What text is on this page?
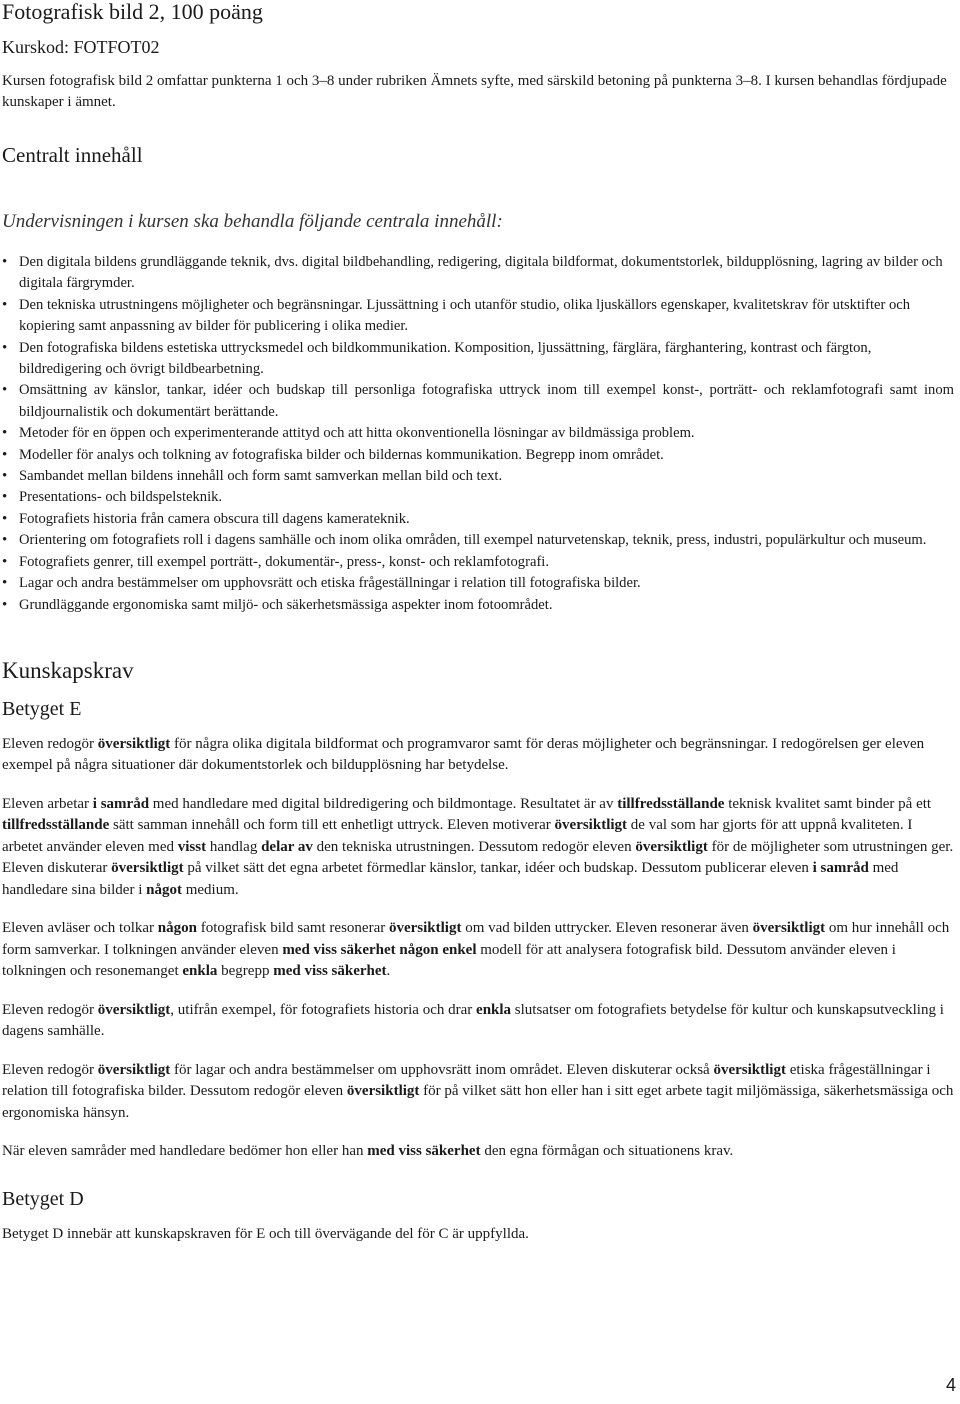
Fotografisk bild 2, 100 poäng
Kurskod: FOTFOT02

Kursen fotografisk bild 2 omfattar punkterna 1 och 3–8 under rubriken Ämnets syfte, med särskild betoning på punkterna 3–8. I kursen behandlas fördjupade kunskaper i ämnet.

Centralt innehåll
Undervisningen i kursen ska behandla följande centrala innehåll:
• Den digitala bildens grundläggande teknik, dvs. digital bildbehandling, redigering, digitala bildformat, dokumentstorlek, bildupplösning, lagring av bilder och digitala färgrymder.
• Den tekniska utrustningens möjligheter och begränsningar. Ljussättning i och utanför studio, olika ljuskällors egenskaper, kvalitetskrav för utsktifter och kopiering samt anpassning av bilder för publicering i olika medier.
• Den fotografiska bildens estetiska uttrycksmedel och bildkommunikation. Komposition, ljussättning, färglära, färghantering, kontrast och färgton, bildredigering och övrigt bildbearbetning.
• Omsättning av känslor, tankar, idéer och budskap till personliga fotografiska uttryck inom till exempel konst-, porträtt- och reklamfotografi samt inom bildjournalistik och dokumentärt berättande.
• Metoder för en öppen och experimenterande attityd och att hitta okonventionella lösningar av bildmässiga problem.
• Modeller för analys och tolkning av fotografiska bilder och bildernas kommunikation. Begrepp inom området.
• Sambandet mellan bildens innehåll och form samt samverkan mellan bild och text.
• Presentations- och bildspelsteknik.
• Fotografiets historia från camera obscura till dagens kamerateknik.
• Orientering om fotografiets roll i dagens samhälle och inom olika områden, till exempel naturvetenskap, teknik, press, industri, populärkultur och museum.
• Fotografiets genrer, till exempel porträtt-, dokumentär-, press-, konst- och reklamfotografi.
• Lagar och andra bestämmelser om upphovsrätt och etiska frågeställningar i relation till fotografiska bilder.
• Grundläggande ergonomiska samt miljö- och säkerhetsmässiga aspekter inom fotoområdet.
Kunskapskrav
Betyget E

Eleven redogör översiktligt för några olika digitala bildformat och programvaror samt för deras möjligheter och begränsningar. I redogörelsen ger eleven exempel på några situationer där dokumentstorlek och bildupplösning har betydelse.

Eleven arbetar i samråd med handledare med digital bildredigering och bildmontage. Resultatet är av tillfredsställande teknisk kvalitet samt binder på ett tillfredsställande sätt samman innehåll och form till ett enhetligt uttryck. Eleven motiverar översiktligt de val som har gjorts för att uppnå kvaliteten. I arbetet använder eleven med visst handlag delar av den tekniska utrustningen. Dessutom redogör eleven översiktligt för de möjligheter som utrustningen ger. Eleven diskuterar översiktligt på vilket sätt det egna arbetet förmedlar känslor, tankar, idéer och budskap. Dessutom publicerar eleven i samråd med handledare sina bilder i något medium.

Eleven avläser och tolkar någon fotografisk bild samt resonerar översiktligt om vad bilden uttrycker. Eleven resonerar även översiktligt om hur innehåll och form samverkar. I tolkningen använder eleven med viss säkerhet någon enkel modell för att analysera fotografisk bild. Dessutom använder eleven i tolkningen och resonemanget enkla begrepp med viss säkerhet.

Eleven redogör översiktligt, utifrån exempel, för fotografiets historia och drar enkla slutsatser om fotografiets betydelse för kultur och kunskapsutveckling i dagens samhälle.

Eleven redogör översiktligt för lagar och andra bestämmelser om upphovsrätt inom området. Eleven diskuterar också översiktligt etiska frågeställningar i relation till fotografiska bilder. Dessutom redogör eleven översiktligt för på vilket sätt hon eller han i sitt eget arbete tagit miljömässiga, säkerhetsmässiga och ergonomiska hänsyn.

När eleven samråder med handledare bedömer hon eller han med viss säkerhet den egna förmågan och situationens krav.

Betyget D

Betyget D innebär att kunskapskraven för E och till övervägande del för C är uppfyllda.

4
